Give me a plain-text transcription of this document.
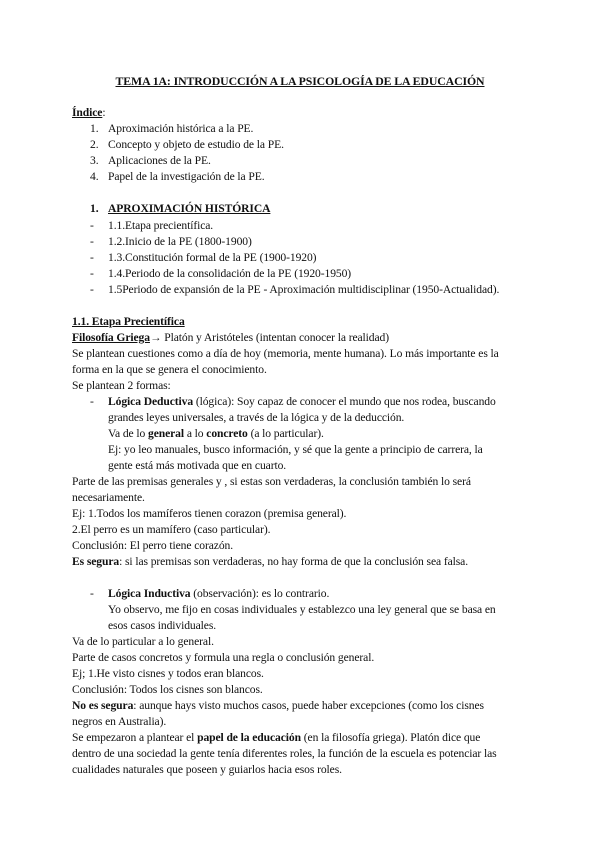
TEMA 1A: INTRODUCCIÓN A LA PSICOLOGÍA DE LA EDUCACIÓN
Índice:
1. Aproximación histórica a la PE.
2. Concepto y objeto de estudio de la PE.
3. Aplicaciones de la PE.
4. Papel de la investigación de la PE.
1. APROXIMACIÓN HISTÓRICA
- 1.1.Etapa precientífica.
- 1.2.Inicio de la PE (1800-1900)
- 1.3.Constitución formal de la PE (1900-1920)
- 1.4.Periodo de la consolidación de la PE (1920-1950)
- 1.5Periodo de expansión de la PE - Aproximación multidisciplinar (1950-Actualidad).
1.1. Etapa Precientífica
Filosofía Griega→ Platón y Aristóteles (intentan conocer la realidad)
Se plantean cuestiones como a día de hoy (memoria, mente humana). Lo más importante es la
forma en la que se genera el conocimiento.
Se plantean 2 formas:
- Lógica Deductiva (lógica): Soy capaz de conocer el mundo que nos rodea, buscando
grandes leyes universales, a través de la lógica y de la deducción.
Va de lo general a lo concreto (a lo particular).
Ej: yo leo manuales, busco información, y sé que la gente a principio de carrera, la
gente está más motivada que en cuarto.
Parte de las premisas generales y , si estas son verdaderas, la conclusión también lo será
necesariamente.
Ej: 1.Todos los mamíferos tienen corazon (premisa general).
2.El perro es un mamífero (caso particular).
Conclusión: El perro tiene corazón.
Es segura: si las premisas son verdaderas, no hay forma de que la conclusión sea falsa.
- Lógica Inductiva (observación): es lo contrario.
Yo observo, me fijo en cosas individuales y establezco una ley general que se basa en
esos casos individuales.
Va de lo particular a lo general.
Parte de casos concretos y formula una regla o conclusión general.
Ej; 1.He visto cisnes y todos eran blancos.
Conclusión: Todos los cisnes son blancos.
No es segura: aunque hays visto muchos casos, puede haber excepciones (como los cisnes
negros en Australia).
Se empezaron a plantear el papel de la educación (en la filosofía griega). Platón dice que
dentro de una sociedad la gente tenía diferentes roles, la función de la escuela es potenciar las
cualidades naturales que poseen y guiarlos hacia esos roles.
